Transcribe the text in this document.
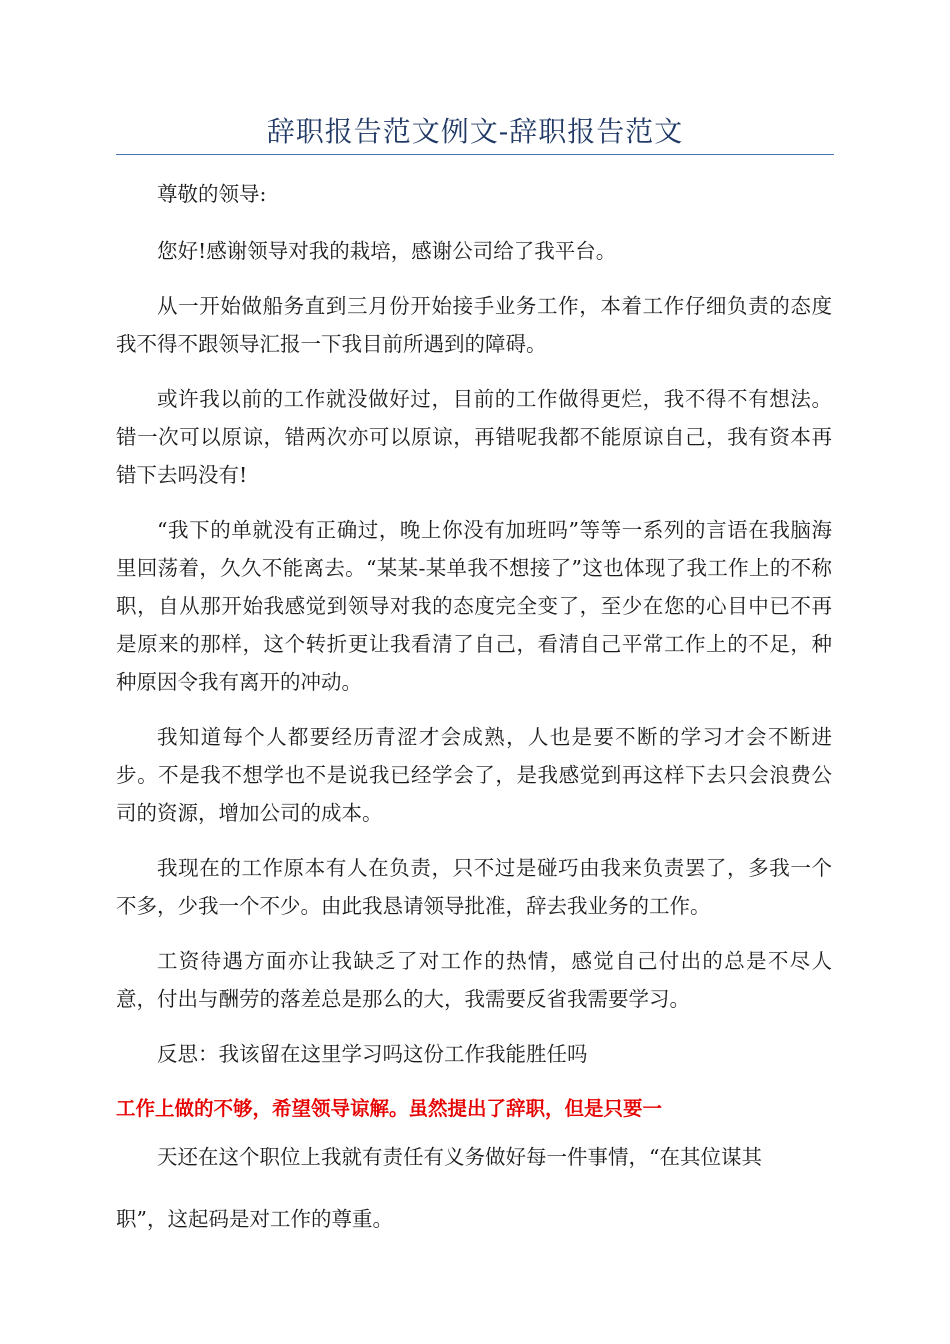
辞职报告范文例文-辞职报告范文

尊敬的领导:

您好!感谢领导对我的栽培，感谢公司给了我平台。

从一开始做船务直到三月份开始接手业务工作，本着工作仔细负责的态度我不得不跟领导汇报一下我目前所遇到的障碍。

或许我以前的工作就没做好过，目前的工作做得更烂，我不得不有想法。错一次可以原谅，错两次亦可以原谅，再错呢我都不能原谅自己，我有资本再错下去吗没有!

“我下的单就没有正确过，晚上你没有加班吗”等等一系列的言语在我脑海里回荡着，久久不能离去。“某某-某单我不想接了”这也体现了我工作上的不称职，自从那开始我感觉到领导对我的态度完全变了，至少在您的心目中已不再是原来的那样，这个转折更让我看清了自己，看清自己平常工作上的不足，种种原因令我有离开的冲动。

我知道每个人都要经历青涩才会成熟，人也是要不断的学习才会不断进步。不是我不想学也不是说我已经学会了，是我感觉到再这样下去只会浪费公司的资源，增加公司的成本。

我现在的工作原本有人在负责，只不过是碰巧由我来负责罢了，多我一个不多，少我一个不少。由此我恳请领导批准，辞去我业务的工作。

工资待遇方面亦让我缺乏了对工作的热情，感觉自己付出的总是不尽人意，付出与酬劳的落差总是那么的大，我需要反省我需要学习。

反思：我该留在这里学习吗这份工作我能胜任吗

工作上做的不够，希望领导谅解。虽然提出了辞职，但是只要一

天还在这个职位上我就有责任有义务做好每一件事情，“在其位谋其

职”，这起码是对工作的尊重。
